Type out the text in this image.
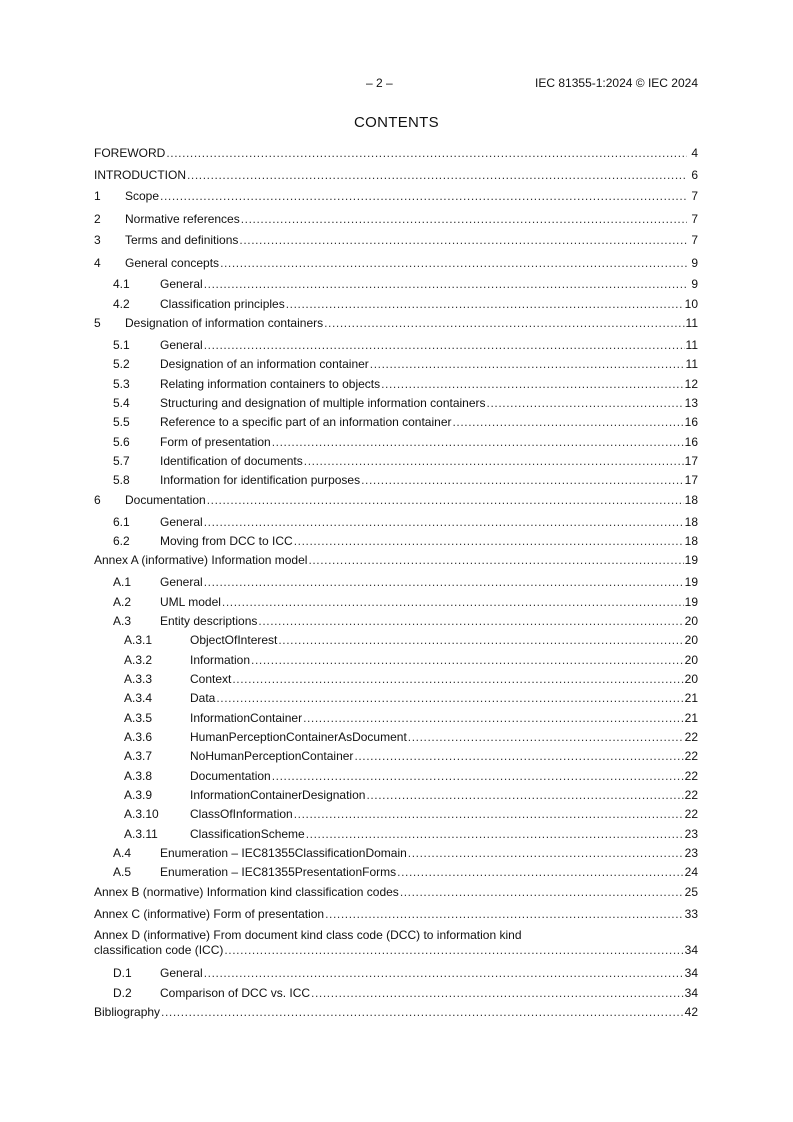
– 2 –	IEC 81355-1:2024 © IEC 2024
CONTENTS
FOREWORD .....	4
INTRODUCTION .....	6
1	Scope .....	7
2	Normative references .....	7
3	Terms and definitions .....	7
4	General concepts .....	9
4.1	General .....	9
4.2	Classification principles .....	10
5	Designation of information containers .....	11
5.1	General .....	11
5.2	Designation of an information container .....	11
5.3	Relating information containers to objects .....	12
5.4	Structuring and designation of multiple information containers .....	13
5.5	Reference to a specific part of an information container .....	16
5.6	Form of presentation .....	16
5.7	Identification of documents .....	17
5.8	Information for identification purposes .....	17
6	Documentation .....	18
6.1	General .....	18
6.2	Moving from DCC to ICC .....	18
Annex A (informative) Information model .....	19
A.1	General .....	19
A.2	UML model .....	19
A.3	Entity descriptions .....	20
A.3.1	ObjectOfInterest .....	20
A.3.2	Information .....	20
A.3.3	Context .....	20
A.3.4	Data .....	21
A.3.5	InformationContainer .....	21
A.3.6	HumanPerceptionContainerAsDocument .....	22
A.3.7	NoHumanPerceptionContainer .....	22
A.3.8	Documentation .....	22
A.3.9	InformationContainerDesignation .....	22
A.3.10	ClassOfInformation .....	22
A.3.11	ClassificationScheme .....	23
A.4	Enumeration – IEC81355ClassificationDomain .....	23
A.5	Enumeration – IEC81355PresentationForms .....	24
Annex B (normative) Information kind classification codes .....	25
Annex C (informative) Form of presentation .....	33
Annex D (informative) From document kind class code (DCC) to information kind
classification code (ICC) .....	34
D.1	General .....	34
D.2	Comparison of DCC vs. ICC .....	34
Bibliography .....	42
